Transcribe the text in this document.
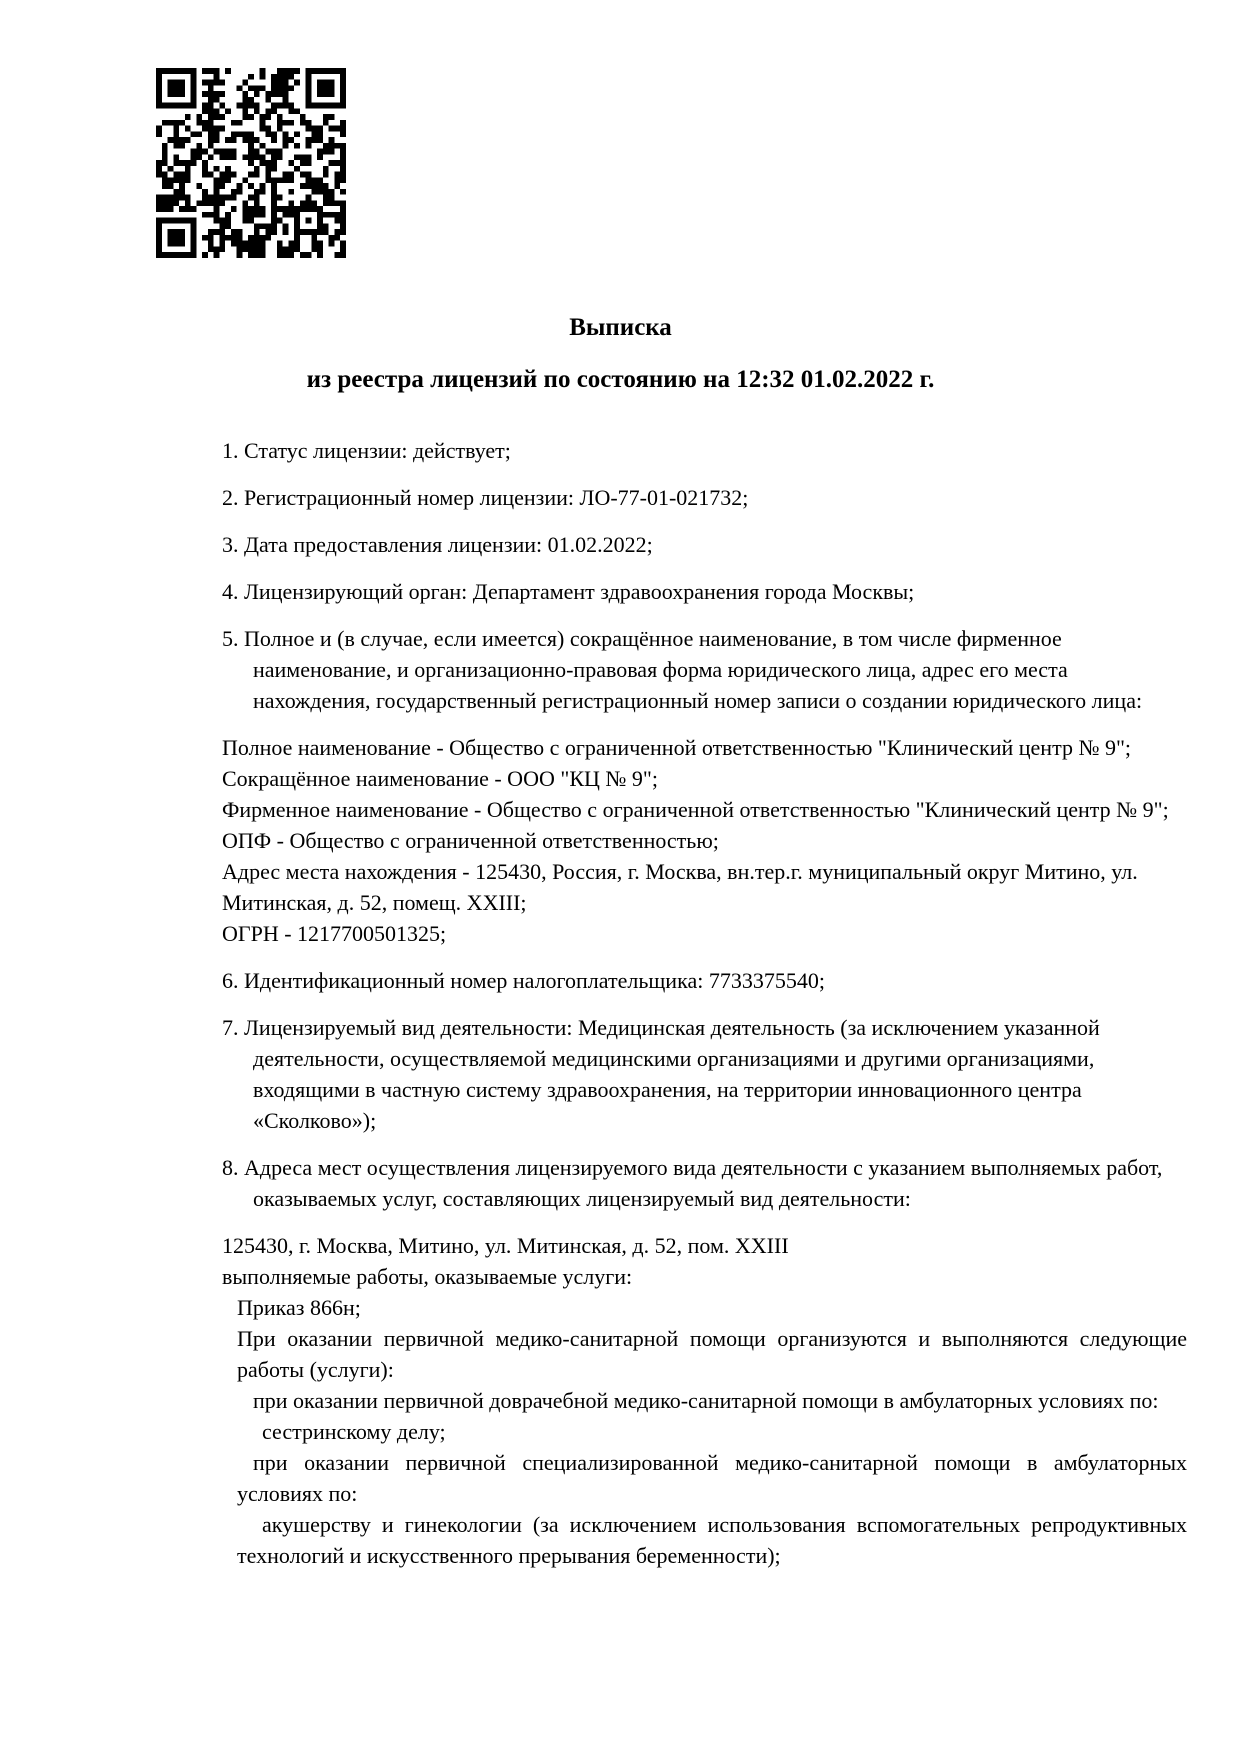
Выписка
из реестра лицензий по состоянию на 12:32 01.02.2022 г.
1. Статус лицензии: действует;
2. Регистрационный номер лицензии: ЛО-77-01-021732;
3. Дата предоставления лицензии: 01.02.2022;
4. Лицензирующий орган: Департамент здравоохранения города Москвы;
5. Полное и (в случае, если имеется) сокращённое наименование, в том числе фирменное наименование, и организационно-правовая форма юридического лица, адрес его места нахождения, государственный регистрационный номер записи о создании юридического лица:
Полное наименование - Общество с ограниченной ответственностью "Клинический центр № 9";
Сокращённое наименование - ООО "КЦ № 9";
Фирменное наименование - Общество с ограниченной ответственностью "Клинический центр № 9";
ОПФ - Общество с ограниченной ответственностью;
Адрес места нахождения - 125430, Россия, г. Москва, вн.тер.г. муниципальный округ Митино, ул. Митинская, д. 52, помещ. XXIII;
ОГРН - 1217700501325;
6. Идентификационный номер налогоплательщика: 7733375540;
7. Лицензируемый вид деятельности: Медицинская деятельность (за исключением указанной деятельности, осуществляемой медицинскими организациями и другими организациями, входящими в частную систему здравоохранения, на территории инновационного центра «Сколково»);
8. Адреса мест осуществления лицензируемого вида деятельности с указанием выполняемых работ, оказываемых услуг, составляющих лицензируемый вид деятельности:
125430, г. Москва, Митино, ул. Митинская, д. 52, пом. XXIII
выполняемые работы, оказываемые услуги:
Приказ 866н;
При оказании первичной медико-санитарной помощи организуются и выполняются следующие работы (услуги):
при оказании первичной доврачебной медико-санитарной помощи в амбулаторных условиях по:
сестринскому делу;
при оказании первичной специализированной медико-санитарной помощи в амбулаторных условиях по:
акушерству и гинекологии (за исключением использования вспомогательных репродуктивных технологий и искусственного прерывания беременности);
